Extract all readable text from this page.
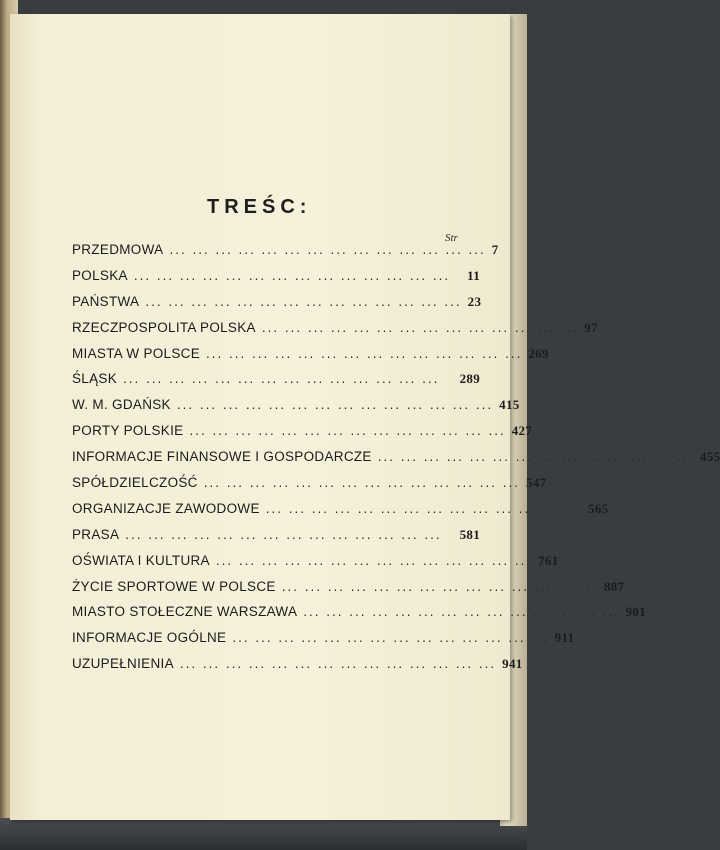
TREŚC:
Str
PRZEDMOWA ... ... ... ... ... ... ... ... ... ... ... ... ... ... 7
POLSKA ... ... ... ... ... ... ... ... ... ... ... ... ... ...	11
PAŃSTWA ... ... ... ... ... ... ... ... ... ... ... ... ... ... 23
RZECZPOSPOLITA POLSKA ... ... ... ... ... ... ... ... ... ... ... ... ... ... 97
MIASTA W POLSCE ... ... ... ... ... ... ... ... ... ... ... ... ... ... 269
ŚLĄSK ... ... ... ... ... ... ... ... ... ... ... ... ... ...	289
W. M. GDAŃSK ... ... ... ... ... ... ... ... ... ... ... ... ... ... 415
PORTY POLSKIE ... ... ... ... ... ... ... ... ... ... ... ... ... ... 427
INFORMACJE FINANSOWE I GOSPODARCZE ... ... ... ... ... ... ... ... ... ... ... ... ... ... 455
SPÓŁDZIELCZOŚĆ ... ... ... ... ... ... ... ... ... ... ... ... ... ... 547
ORGANIZACJE ZAWODOWE ... ... ... ... ... ... ... ... ... ... ... ... ... ... 565
PRASA ... ... ... ... ... ... ... ... ... ... ... ... ... ...	581
OŚWIATA I KULTURA ... ... ... ... ... ... ... ... ... ... ... ... ... ... 761
ŻYCIE SPORTOWE W POLSCE ... ... ... ... ... ... ... ... ... ... ... ... ... ... 887
MIASTO STOŁECZNE WARSZAWA ... ... ... ... ... ... ... ... ... ... ... ... ... ... 901
INFORMACJE OGÓLNE ... ... ... ... ... ... ... ... ... ... ... ... ... ... 911
UZUPEŁNIENIA ... ... ... ... ... ... ... ... ... ... ... ... ... ... 941
